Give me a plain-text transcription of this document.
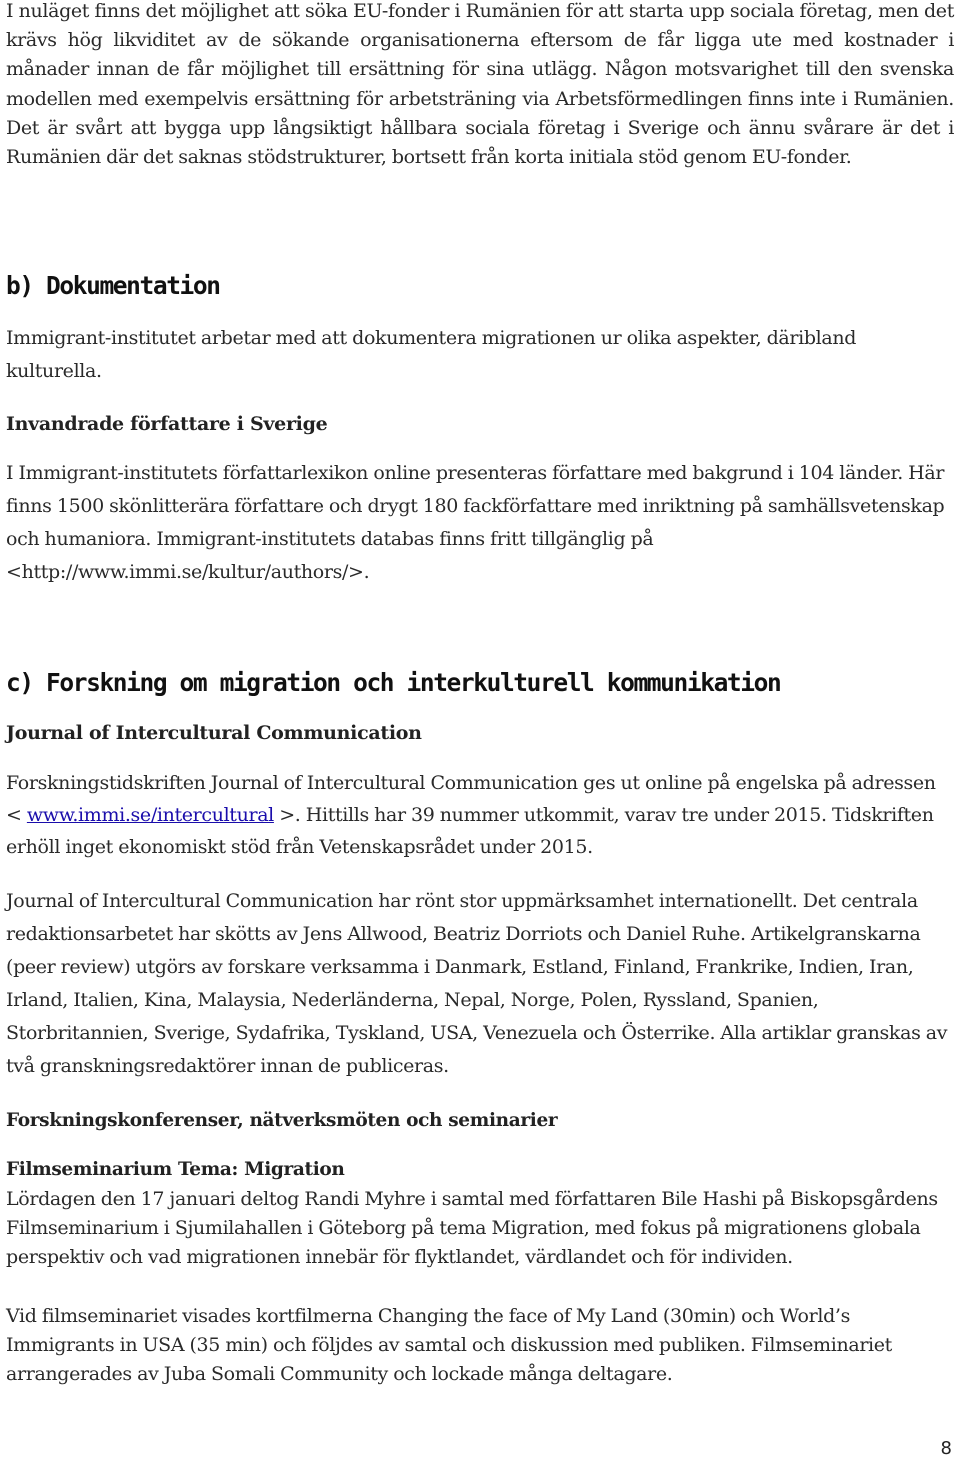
I nuläget finns det möjlighet att söka EU-fonder i Rumänien för att starta upp sociala företag, men det krävs hög likviditet av de sökande organisationerna eftersom de får ligga ute med kostnader i månader innan de får möjlighet till ersättning för sina utlägg. Någon motsvarighet till den svenska modellen med exempelvis ersättning för arbetsträning via Arbetsförmedlingen finns inte i Rumänien. Det är svårt att bygga upp långsiktigt hållbara sociala företag i Sverige och ännu svårare är det i Rumänien där det saknas stödstrukturer, bortsett från korta initiala stöd genom EU-fonder.

b) Dokumentation

Immigrant-institutet arbetar med att dokumentera migrationen ur olika aspekter, däribland kulturella.

Invandrade författare i Sverige

I Immigrant-institutets författarlexikon online presenteras författare med bakgrund i 104 länder. Här finns 1500 skönlitterära författare och drygt 180 fackförfattare med inriktning på samhällsvetenskap och humaniora. Immigrant-institutets databas finns fritt tillgänglig på <http://www.immi.se/kultur/authors/>.

c) Forskning om migration och interkulturell kommunikation
Journal of Intercultural Communication

Forskningstidskriften Journal of Intercultural Communication ges ut online på engelska på adressen < www.immi.se/intercultural >. Hittills har 39 nummer utkommit, varav tre under 2015. Tidskriften erhöll inget ekonomiskt stöd från Vetenskapsrådet under 2015.

Journal of Intercultural Communication har rönt stor uppmärksamhet internationellt. Det centrala redaktionsarbetet har skötts av Jens Allwood, Beatriz Dorriots och Daniel Ruhe. Artikelgranskarna (peer review) utgörs av forskare verksamma i Danmark, Estland, Finland, Frankrike, Indien, Iran, Irland, Italien, Kina, Malaysia, Nederländerna, Nepal, Norge, Polen, Ryssland, Spanien, Storbritannien, Sverige, Sydafrika, Tyskland, USA, Venezuela och Österrike. Alla artiklar granskas av två granskningsredaktörer innan de publiceras.

Forskningskonferenser, nätverksmöten och seminarier
Filmseminarium Tema: Migration

Lördagen den 17 januari deltog Randi Myhre i samtal med författaren Bile Hashi på Biskopsgårdens Filmseminarium i Sjumilahallen i Göteborg på tema Migration, med fokus på migrationens globala perspektiv och vad migrationen innebär för flyktlandet, värdlandet och för individen.

Vid filmseminariet visades kortfilmerna Changing the face of My Land (30min) och World’s Immigrants in USA (35 min) och följdes av samtal och diskussion med publiken. Filmseminariet arrangerades av Juba Somali Community och lockade många deltagare.

8
